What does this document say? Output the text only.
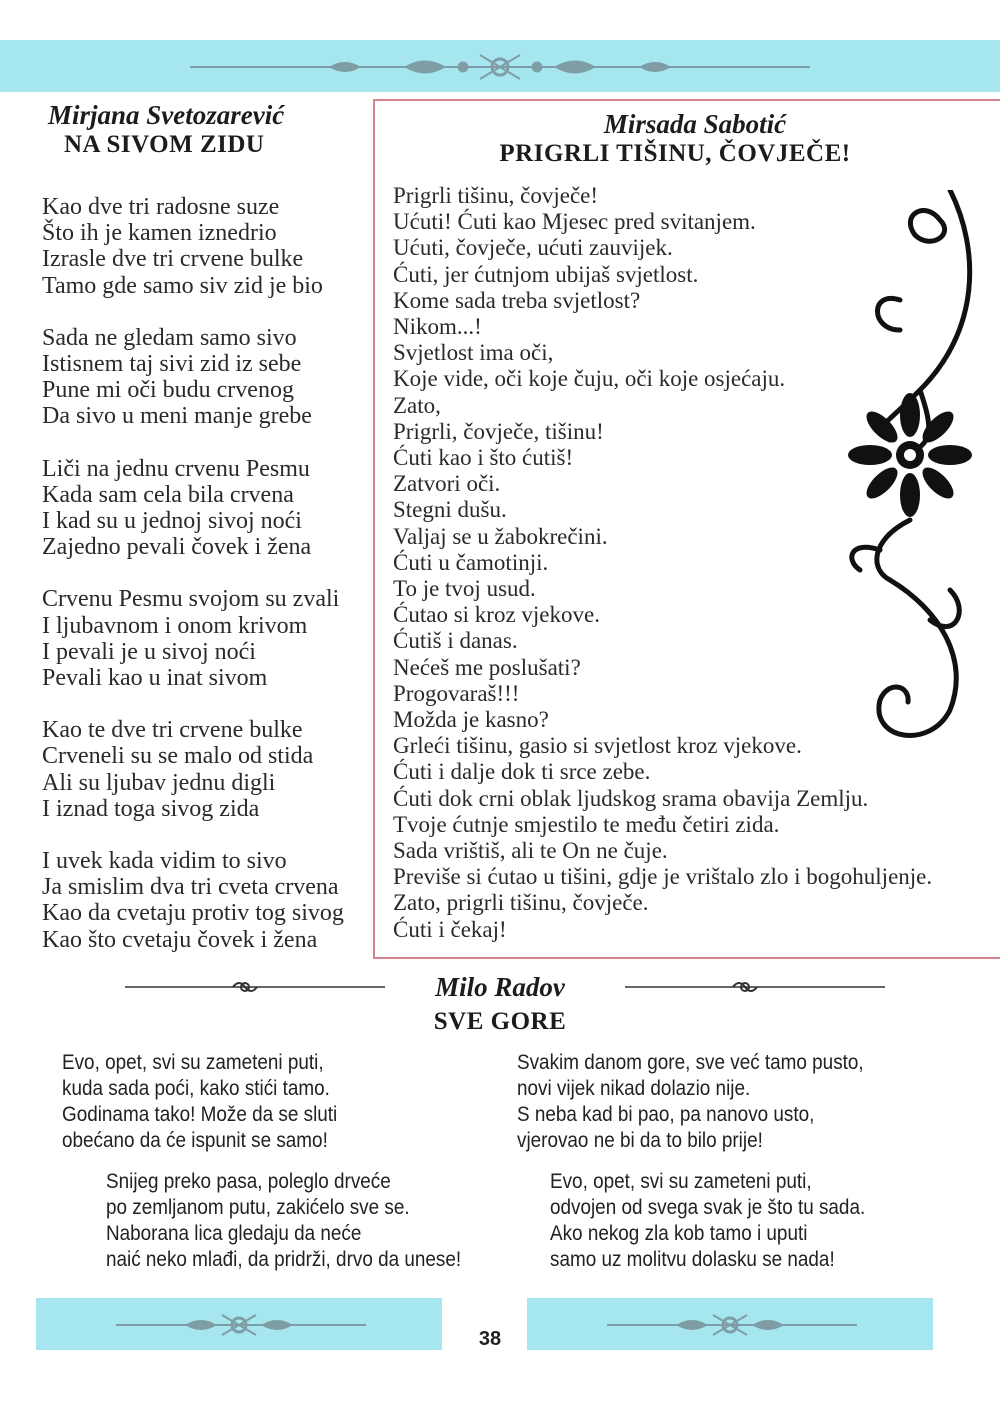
Mirjana Svetozarević
NA SIVOM ZIDU
Kao dve tri radosne suze
Što ih je kamen iznedrio
Izrasle dve tri crvene bulke
Tamo gde samo siv zid je bio
Sada ne gledam samo sivo
Istisnem taj sivi zid iz sebe
Pune mi oči budu crvenog
Da sivo u meni manje grebe
Liči na jednu crvenu Pesmu
Kada sam cela bila crvena
I kad su u jednoj sivoj noći
Zajedno pevali čovek i žena
Crvenu Pesmu svojom su zvali
I ljubavnom i onom krivom
I pevali je u sivoj noći
Pevali kao u inat sivom
Kao te dve tri crvene bulke
Crveneli su se malo od stida
Ali su ljubav jednu digli
I iznad toga sivog zida
I uvek kada vidim to sivo
Ja smislim dva tri cveta crvena
Kao da cvetaju protiv tog sivog
Kao što cvetaju čovek i žena
Mirsada Sabotić
PRIGRLI TIŠINU, ČOVJEČE!
Prigrli tišinu, čovječe!
Ućuti! Ćuti kao Mjesec pred svitanjem.
Ućuti, čovječe, ućuti zauvijek.
Ćuti, jer ćutnjom ubijaš svjetlost.
Kome sada treba svjetlost?
Nikom...!
Svjetlost ima oči,
Koje vide, oči koje čuju, oči koje osjećaju.
Zato,
Prigrli, čovječe, tišinu!
Ćuti kao i što ćutiš!
Zatvori oči.
Stegni dušu.
Valjaj se u žabokrečini.
Ćuti u čamotinji.
To je tvoj usud.
Ćutao si kroz vjekove.
Ćutiš i danas.
Nećeš me poslušati?
Progovaraš!!!
Možda je kasno?
Grleći tišinu, gasio si svjetlost kroz vjekove.
Ćuti i dalje dok ti srce zebe.
Ćuti dok crni oblak ljudskog srama obavija Zemlju.
Tvoje ćutnje smjestilo te među četiri zida.
Sada vrištiš, ali te On ne čuje.
Previše si ćutao u tišini, gdje je vrištalo zlo i bogohuljenje.
Zato, prigrli tišinu, čovječe.
Ćuti i čekaj!
Milo Radov
SVE GORE
Evo, opet, svi su zameteni puti,
kuda sada poći, kako stići tamo.
Godinama tako! Može da se sluti
obećano da će ispunit se samo!
Svakim danom gore, sve već tamo pusto,
novi vijek nikad dolazio nije.
S neba kad bi pao, pa nanovo usto,
vjerovao ne bi da to bilo prije!
Snijeg preko pasa, poleglo drveće
po zemljanom putu, zakićelo sve se.
Naborana lica gledaju da neće
naić neko mlađi, da pridrži, drvo da unese!
Evo, opet, svi su zameteni puti,
odvojen od svega svak je što tu sada.
Ako nekog zla kob tamo i uputi
samo uz molitvu dolasku se nada!
38
